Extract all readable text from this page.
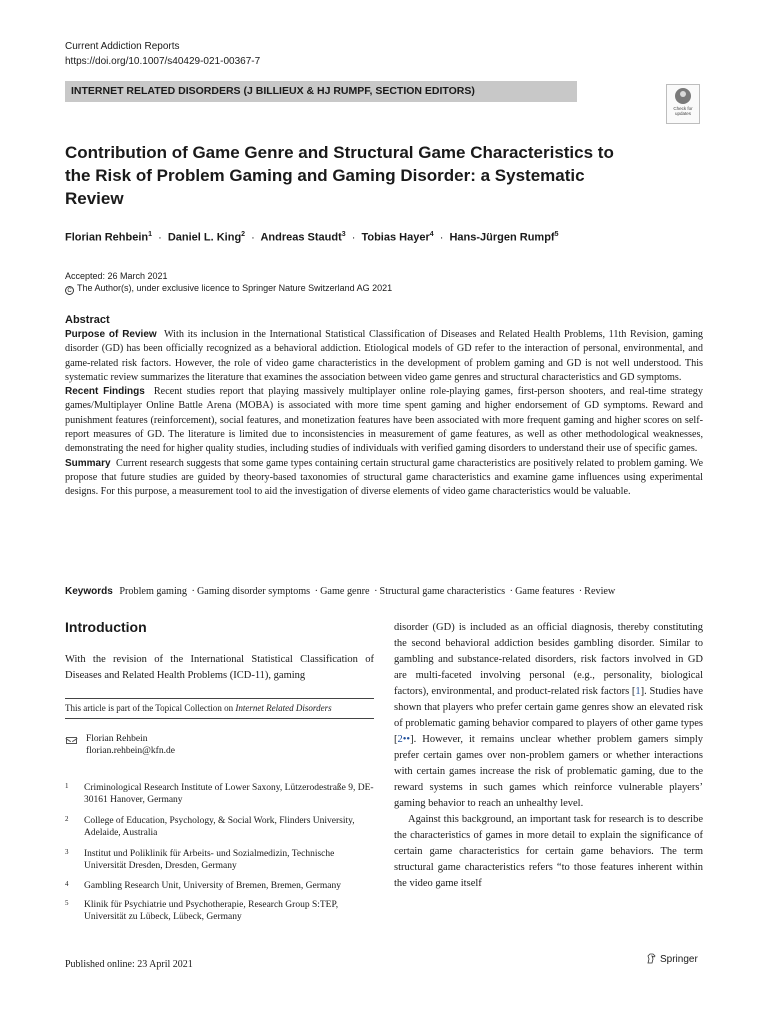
Current Addiction Reports
https://doi.org/10.1007/s40429-021-00367-7
INTERNET RELATED DISORDERS (J BILLIEUX & HJ RUMPF, SECTION EDITORS)
Check for updates
Contribution of Game Genre and Structural Game Characteristics to the Risk of Problem Gaming and Gaming Disorder: a Systematic Review
Florian Rehbein$^1$ · Daniel L. King$^2$ · Andreas Staudt$^3$ · Tobias Hayer$^4$ · Hans-Jürgen Rumpf$^5$
Accepted: 26 March 2021
C The Author(s), under exclusive licence to Springer Nature Switzerland AG 2021
Abstract

Purpose of Review With its inclusion in the International Statistical Classification of Diseases and Related Health Problems, 11th Revision, gaming disorder (GD) has been officially recognized as a behavioral addiction. Etiological models of GD refer to the interaction of personal, environmental, and game-related risk factors. However, the role of video game characteristics in the development of problem gaming and GD is not well understood. This systematic review summarizes the literature that examines the association between video game genres and structural characteristics and GD symptoms.

Recent Findings Recent studies report that playing massively multiplayer online role-playing games, first-person shooters, and real-time strategy games/Multiplayer Online Battle Arena (MOBA) is associated with more time spent gaming and higher endorsement of GD symptoms. Reward and punishment features (reinforcement), social features, and monetization features have been associated with more frequent gaming and higher scores on self-report measures of GD. The literature is limited due to inconsistencies in measurement of game features, as well as other methodological weaknesses, demonstrating the need for higher quality studies, including studies of individuals with verified gaming disorders to understand their use of specific games.

Summary Current research suggests that some game types containing certain structural game characteristics are positively related to problem gaming. We propose that future studies are guided by theory-based taxonomies of structural game characteristics and examine game influences using experimental designs. For this purpose, a measurement tool to aid the investigation of diverse elements of video game characteristics would be valuable.

Keywords Problem gaming · Gaming disorder symptoms · Game genre · Structural game characteristics · Game features · Review
Introduction

With the revision of the International Statistical Classification of Diseases and Related Health Problems (ICD-11), gaming

This article is part of the Topical Collection on Internet Related Disorders
Florian Rehbein
florian.rehbein@kfn.de
1 Criminological Research Institute of Lower Saxony, Lützerodestraße 9, DE-30161 Hanover, Germany
2 College of Education, Psychology, & Social Work, Flinders University, Adelaide, Australia
3 Institut und Poliklinik für Arbeits- und Sozialmedizin, Technische Universität Dresden, Dresden, Germany
4 Gambling Research Unit, University of Bremen, Bremen, Germany
5 Klinik für Psychiatrie und Psychotherapie, Research Group S:TEP, Universität zu Lübeck, Lübeck, Germany

disorder (GD) is included as an official diagnosis, thereby constituting the second behavioral addiction besides gambling disorder. Similar to gambling and substance-related disorders, risk factors involved in GD are multi-faceted involving personal (e.g., personality, biological factors), environmental, and product-related risk factors [1]. Studies have shown that players who prefer certain game genres show an elevated risk of problematic gaming behavior compared to players of other game types [2••]. However, it remains unclear whether problem gamers simply prefer certain games over non-problem gamers or whether interactions with certain games increase the risk of problematic gaming, due to the reward systems in such games which reinforce vulnerable players’ gaming behavior to reach an unhealthy level.

Against this background, an important task for research is to describe the characteristics of games in more detail to explain the significance of certain game characteristics for certain game behaviors. The term structural game characteristics refers “to those features inherent within the video game itself

Published online: 23 April 2021	Springer
